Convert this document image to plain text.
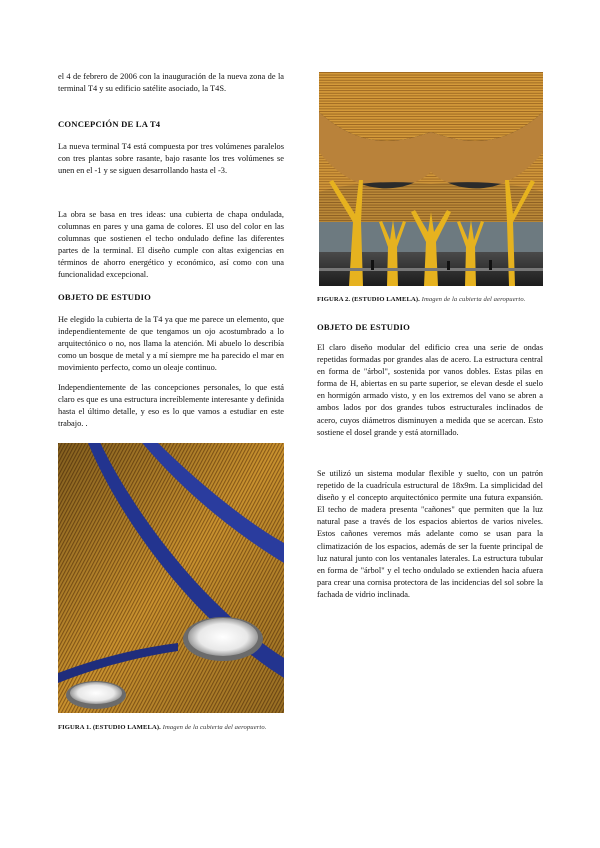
el 4 de febrero de 2006 con la inauguración de la nueva zona de la terminal T4 y su edificio satélite asociado, la T4S.

CONCEPCIÓN DE LA T4

La nueva terminal T4 está compuesta por tres volúmenes paralelos con tres plantas sobre rasante, bajo rasante los tres volúmenes se unen en el -1 y se siguen desarrollando hasta el -3.

La obra se basa en tres ideas: una cubierta de chapa ondulada, columnas en pares y una gama de colores. El uso del color en las columnas que sostienen el techo ondulado define las diferentes partes de la terminal. El diseño cumple con altas exigencias en términos de ahorro energético y económico, así como con una funcionalidad excepcional.

OBJETO DE ESTUDIO

He elegido la cubierta de la T4 ya que me parece un elemento, que independientemente de que tengamos un ojo acostumbrado a lo arquitectónico o no, nos llama la atención. Mi abuelo lo describía como un bosque de metal y a mí siempre me ha parecido el mar en movimiento perfecto, como un oleaje continuo.

Independientemente de las concepciones personales, lo que está claro es que es una estructura increíblemente interesante y definida hasta el último detalle, y eso es lo que vamos a estudiar en este trabajo. .

FIGURA 1. (ESTUDIO LAMELA). Imagen de la cubierta del aeropuerto.
FIGURA 2. (ESTUDIO LAMELA). Imagen de la cubierta del aeropuerto.
OBJETO DE ESTUDIO

El claro diseño modular del edificio crea una serie de ondas repetidas formadas por grandes alas de acero. La estructura central en forma de "árbol", sostenida por vanos dobles. Estas pilas en forma de H, abiertas en su parte superior, se elevan desde el suelo en hormigón armado visto, y en los extremos del vano se abren a ambos lados por dos grandes tubos estructurales inclinados de acero, cuyos diámetros disminuyen a medida que se acercan. Esto sostiene el dosel grande y está atornillado.

Se utilizó un sistema modular flexible y suelto, con un patrón repetido de la cuadrícula estructural de 18x9m. La simplicidad del diseño y el concepto arquitectónico permite una futura expansión. El techo de madera presenta "cañones" que permiten que la luz natural pase a través de los espacios abiertos de varios niveles. Estos cañones veremos más adelante como se usan para la climatización de los espacios, además de ser la fuente principal de luz natural junto con los ventanales laterales. La estructura tubular en forma de "árbol" y el techo ondulado se extienden hacia afuera para crear una cornisa protectora de las incidencias del sol sobre la fachada de vidrio inclinada.
